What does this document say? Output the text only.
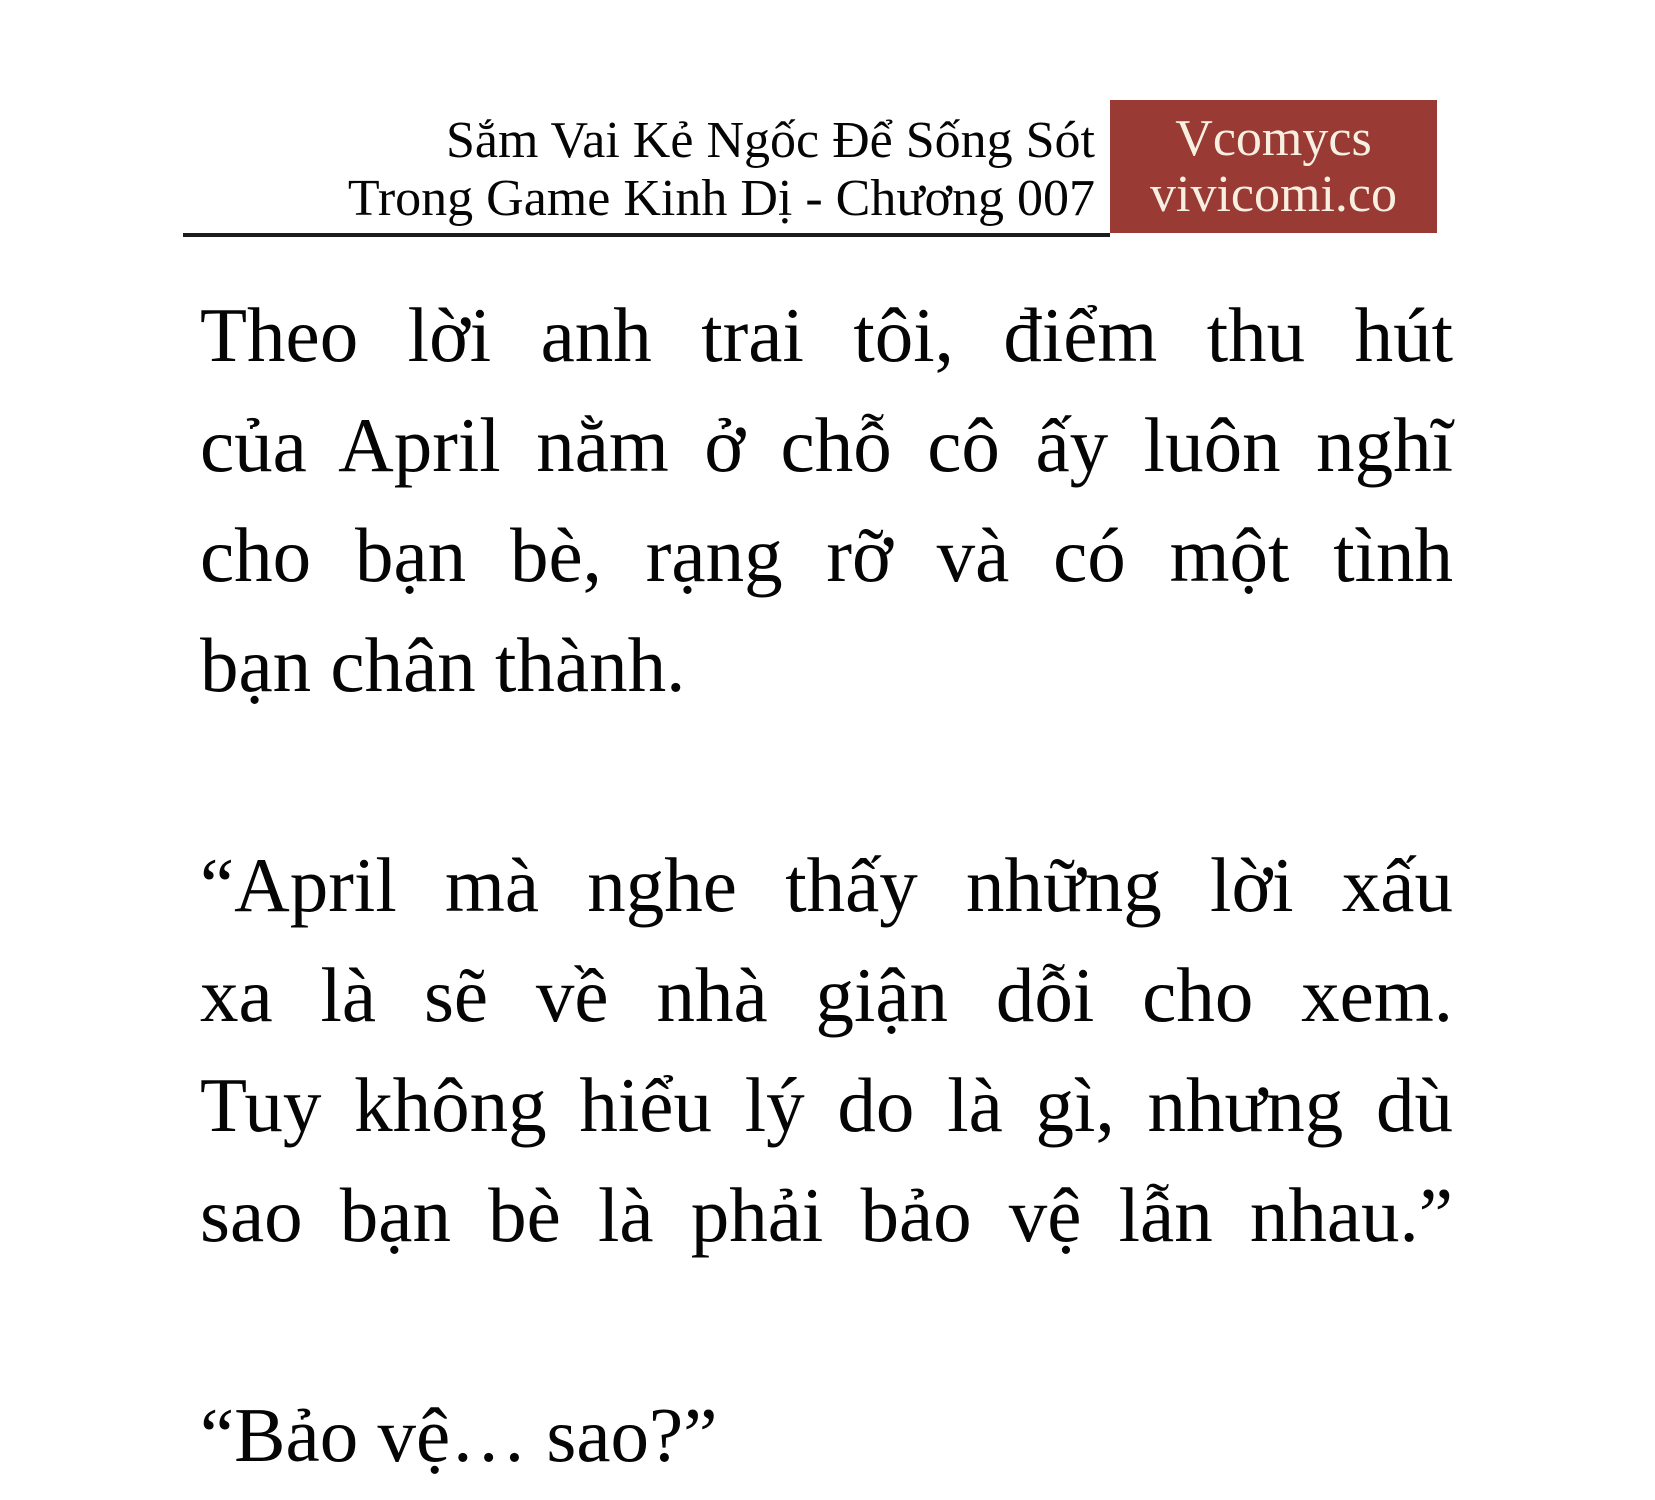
Sắm Vai Kẻ Ngốc Để Sống Sót
Trong Game Kinh Dị - Chương 007
Vcomycs
vivicomi.co
Theo lời anh trai tôi, điểm thu hút
của April nằm ở chỗ cô ấy luôn nghĩ
cho bạn bè, rạng rỡ và có một tình
bạn chân thành.
“April mà nghe thấy những lời xấu
xa là sẽ về nhà giận dỗi cho xem.
Tuy không hiểu lý do là gì, nhưng dù
sao bạn bè là phải bảo vệ lẫn nhau.”
“Bảo vệ… sao?”
